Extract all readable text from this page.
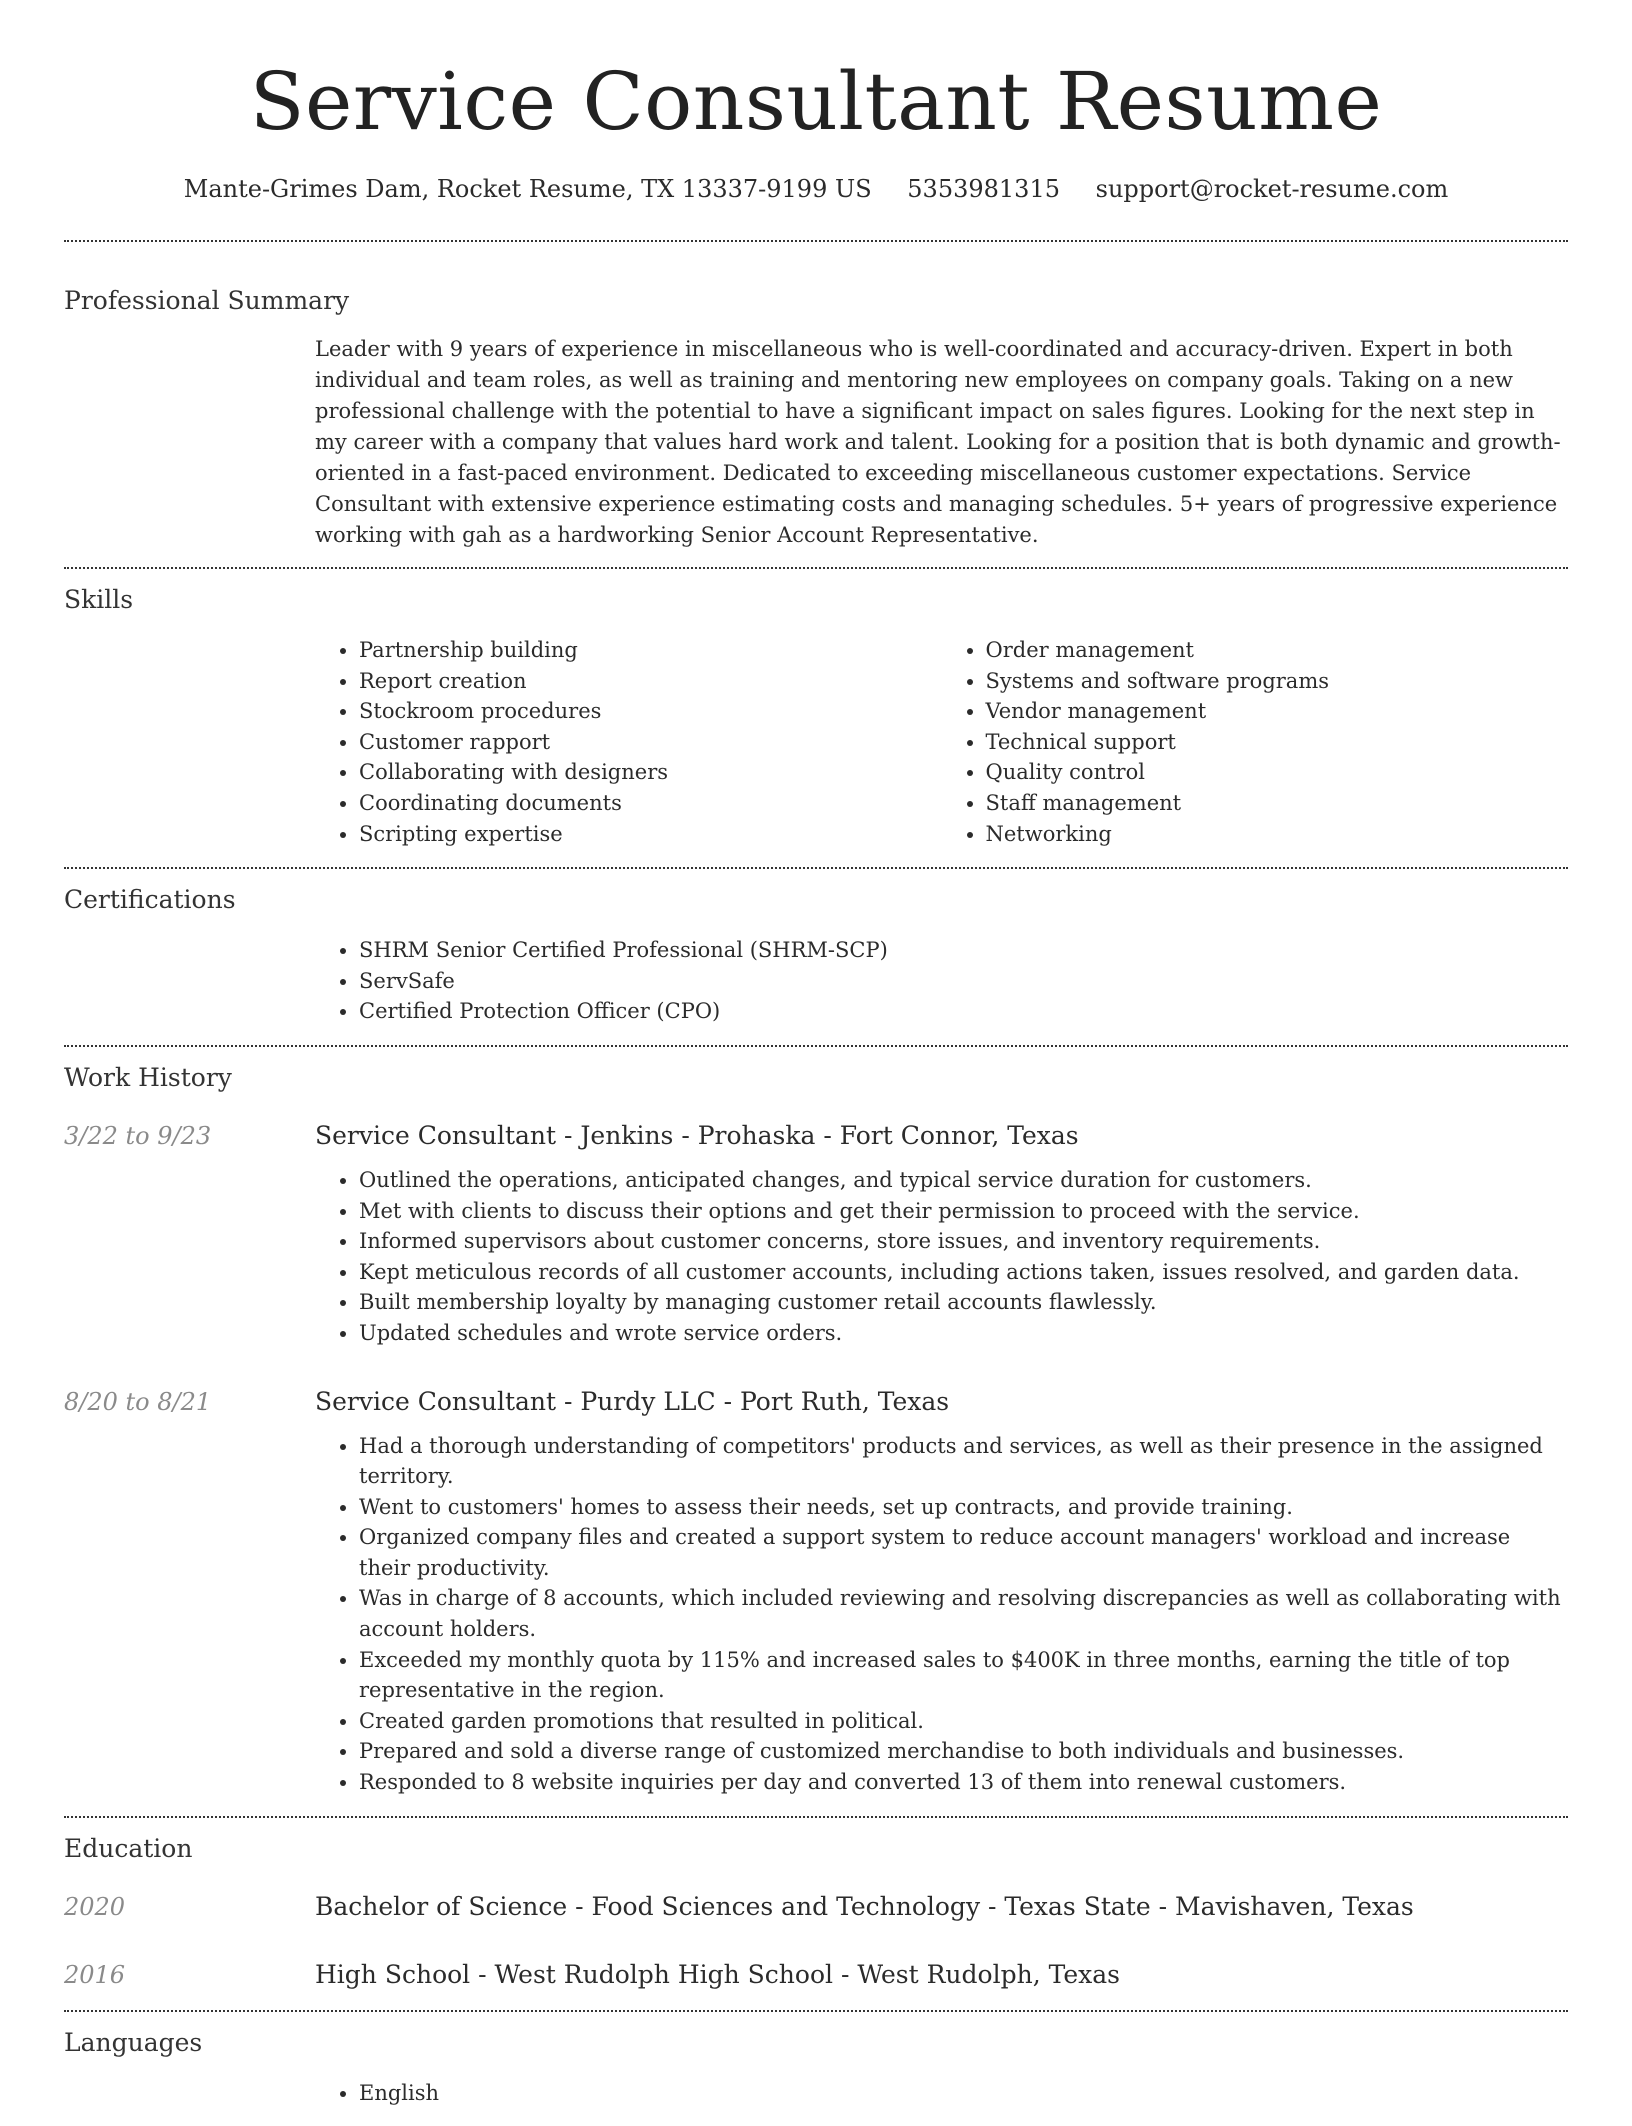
Service Consultant Resume
Mante-Grimes Dam, Rocket Resume, TX 13337-9199 US 5353981315 support@rocket-resume.com
Professional Summary

Leader with 9 years of experience in miscellaneous who is well-coordinated and accuracy-driven. Expert in both individual and team roles, as well as training and mentoring new employees on company goals. Taking on a new professional challenge with the potential to have a significant impact on sales figures. Looking for the next step in my career with a company that values hard work and talent. Looking for a position that is both dynamic and growth-oriented in a fast-paced environment. Dedicated to exceeding miscellaneous customer expectations. Service Consultant with extensive experience estimating costs and managing schedules. 5+ years of progressive experience working with gah as a hardworking Senior Account Representative.

Skills
• Partnership building
• Report creation
• Stockroom procedures
• Customer rapport
• Collaborating with designers
• Coordinating documents
• Scripting expertise
• Order management
• Systems and software programs
• Vendor management
• Technical support
• Quality control
• Staff management
• Networking
Certifications
• SHRM Senior Certified Professional (SHRM-SCP)
• ServSafe
• Certified Protection Officer (CPO)
Work History
3/22 to 9/23	Service Consultant - Jenkins - Prohaska - Fort Connor, Texas
• Outlined the operations, anticipated changes, and typical service duration for customers.
• Met with clients to discuss their options and get their permission to proceed with the service.
• Informed supervisors about customer concerns, store issues, and inventory requirements.
• Kept meticulous records of all customer accounts, including actions taken, issues resolved, and garden data.
• Built membership loyalty by managing customer retail accounts flawlessly.
• Updated schedules and wrote service orders.
8/20 to 8/21	Service Consultant - Purdy LLC - Port Ruth, Texas
• Had a thorough understanding of competitors' products and services, as well as their presence in the assigned territory.
• Went to customers' homes to assess their needs, set up contracts, and provide training.
• Organized company files and created a support system to reduce account managers' workload and increase their productivity.
• Was in charge of 8 accounts, which included reviewing and resolving discrepancies as well as collaborating with account holders.
• Exceeded my monthly quota by 115% and increased sales to $400K in three months, earning the title of top representative in the region.
• Created garden promotions that resulted in political.
• Prepared and sold a diverse range of customized merchandise to both individuals and businesses.
• Responded to 8 website inquiries per day and converted 13 of them into renewal customers.
Education
2020	Bachelor of Science - Food Sciences and Technology - Texas State - Mavishaven, Texas
2016	High School - West Rudolph High School - West Rudolph, Texas
Languages
• English
